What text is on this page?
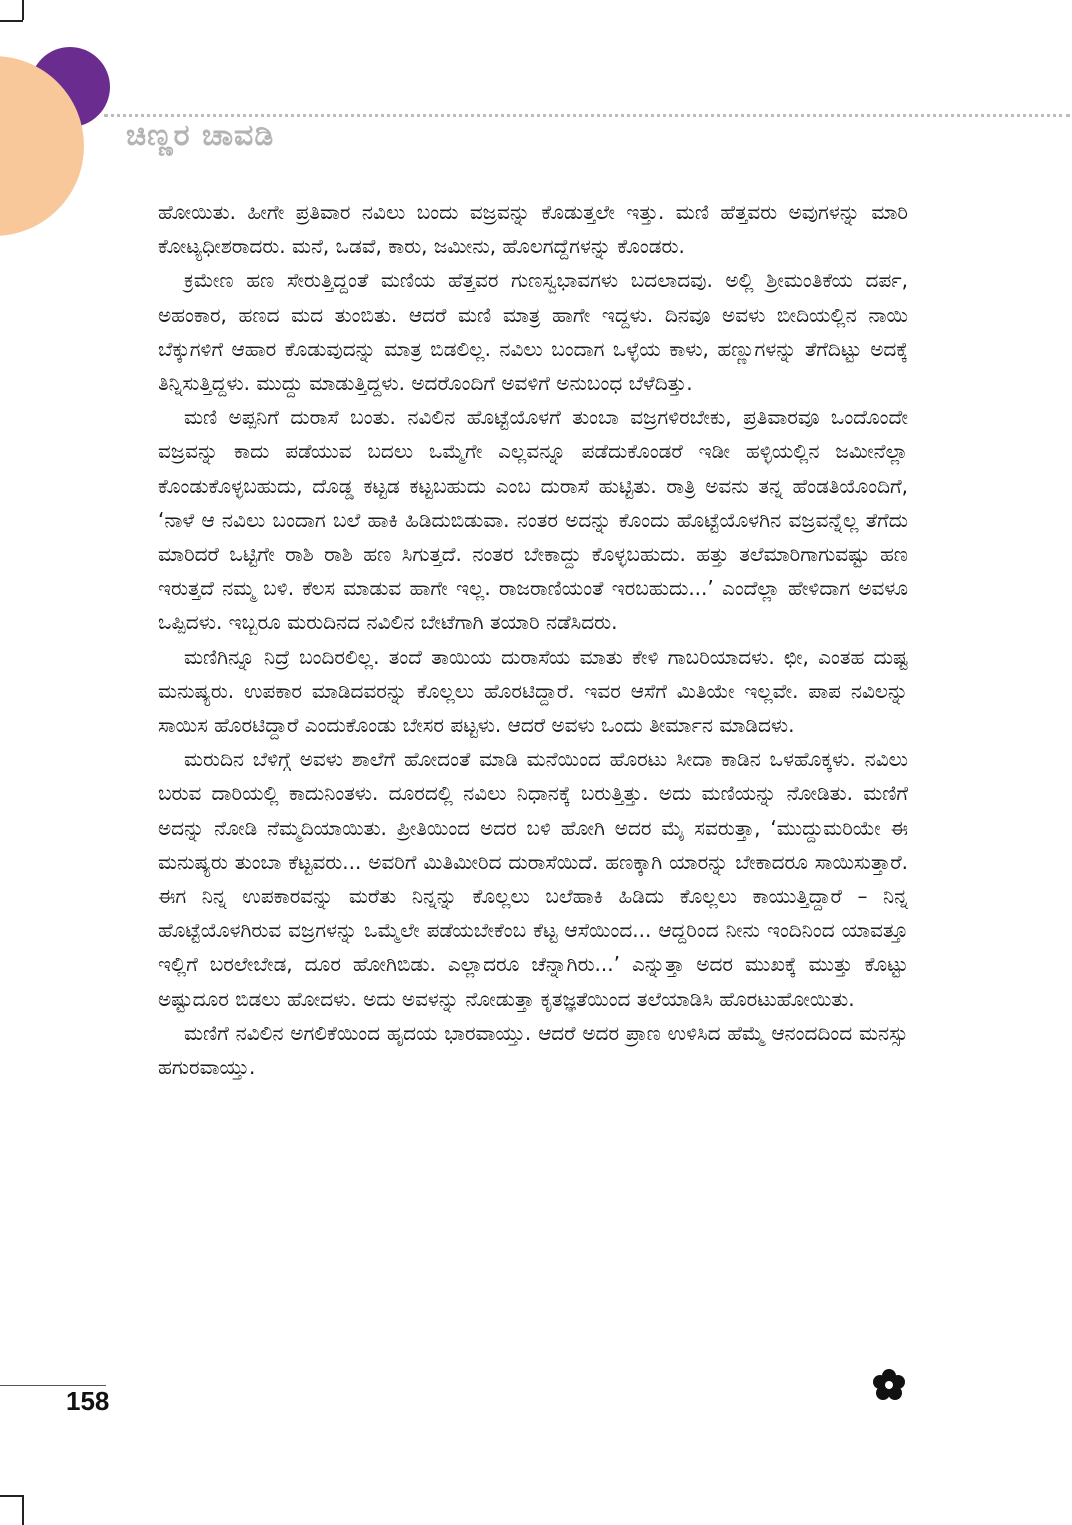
ಚಿಣ್ಣರ ಚಾವಡಿ

ಹೋಯಿತು. ಹೀಗೇ ಪ್ರತಿವಾರ ನವಿಲು ಬಂದು ವಜ್ರವನ್ನು ಕೊಡುತ್ತಲೇ ಇತ್ತು. ಮಣಿ ಹೆತ್ತವರು ಅವುಗಳನ್ನು ಮಾರಿ ಕೋಟ್ಯಧೀಶರಾದರು. ಮನೆ, ಒಡವೆ, ಕಾರು, ಜಮೀನು, ಹೊಲಗದ್ದೆಗಳನ್ನು ಕೊಂಡರು.

ಕ್ರಮೇಣ ಹಣ ಸೇರುತ್ತಿದ್ದಂತೆ ಮಣಿಯ ಹೆತ್ತವರ ಗುಣಸ್ವಭಾವಗಳು ಬದಲಾದವು. ಅಲ್ಲಿ ಶ್ರೀಮಂತಿಕೆಯ ದರ್ಪ, ಅಹಂಕಾರ, ಹಣದ ಮದ ತುಂಬಿತು. ಆದರೆ ಮಣಿ ಮಾತ್ರ ಹಾಗೇ ಇದ್ದಳು. ದಿನವೂ ಅವಳು ಬೀದಿಯಲ್ಲಿನ ನಾಯಿ ಬೆಕ್ಕುಗಳಿಗೆ ಆಹಾರ ಕೊಡುವುದನ್ನು ಮಾತ್ರ ಬಿಡಲಿಲ್ಲ. ನವಿಲು ಬಂದಾಗ ಒಳ್ಳೆಯ ಕಾಳು, ಹಣ್ಣುಗಳನ್ನು ತೆಗೆದಿಟ್ಟು ಅದಕ್ಕೆ ತಿನ್ನಿಸುತ್ತಿದ್ದಳು. ಮುದ್ದು ಮಾಡುತ್ತಿದ್ದಳು. ಅದರೊಂದಿಗೆ ಅವಳಿಗೆ ಅನುಬಂಧ ಬೆಳೆದಿತ್ತು.

ಮಣಿ ಅಪ್ಪನಿಗೆ ದುರಾಸೆ ಬಂತು. ನವಿಲಿನ ಹೊಟ್ಟೆಯೊಳಗೆ ತುಂಬಾ ವಜ್ರಗಳಿರಬೇಕು, ಪ್ರತಿವಾರವೂ ಒಂದೊಂದೇ ವಜ್ರವನ್ನು ಕಾದು ಪಡೆಯುವ ಬದಲು ಒಮ್ಮೆಗೇ ಎಲ್ಲವನ್ನೂ ಪಡೆದುಕೊಂಡರೆ ಇಡೀ ಹಳ್ಳಿಯಲ್ಲಿನ ಜಮೀನೆಲ್ಲಾ ಕೊಂಡುಕೊಳ್ಳಬಹುದು, ದೊಡ್ಡ ಕಟ್ಟಡ ಕಟ್ಟಬಹುದು ಎಂಬ ದುರಾಸೆ ಹುಟ್ಟಿತು. ರಾತ್ರಿ ಅವನು ತನ್ನ ಹೆಂಡತಿಯೊಂದಿಗೆ, ‘ನಾಳೆ ಆ ನವಿಲು ಬಂದಾಗ ಬಲೆ ಹಾಕಿ ಹಿಡಿದುಬಿಡುವಾ. ನಂತರ ಅದನ್ನು ಕೊಂದು ಹೊಟ್ಟೆಯೊಳಗಿನ ವಜ್ರವನ್ನೆಲ್ಲ ತೆಗೆದು ಮಾರಿದರೆ ಒಟ್ಟಿಗೇ ರಾಶಿ ರಾಶಿ ಹಣ ಸಿಗುತ್ತದೆ. ನಂತರ ಬೇಕಾದ್ದು ಕೊಳ್ಳಬಹುದು. ಹತ್ತು ತಲೆಮಾರಿಗಾಗುವಷ್ಟು ಹಣ ಇರುತ್ತದೆ ನಮ್ಮ ಬಳಿ. ಕೆಲಸ ಮಾಡುವ ಹಾಗೇ ಇಲ್ಲ. ರಾಜರಾಣಿಯಂತೆ ಇರಬಹುದು...’ ಎಂದೆಲ್ಲಾ ಹೇಳಿದಾಗ ಅವಳೂ ಒಪ್ಪಿದಳು. ಇಬ್ಬರೂ ಮರುದಿನದ ನವಿಲಿನ ಬೇಟೆಗಾಗಿ ತಯಾರಿ ನಡೆಸಿದರು.

ಮಣಿಗಿನ್ನೂ ನಿದ್ರೆ ಬಂದಿರಲಿಲ್ಲ. ತಂದೆ ತಾಯಿಯ ದುರಾಸೆಯ ಮಾತು ಕೇಳಿ ಗಾಬರಿಯಾದಳು. ಛೀ, ಎಂತಹ ದುಷ್ಟ ಮನುಷ್ಯರು. ಉಪಕಾರ ಮಾಡಿದವರನ್ನು ಕೊಲ್ಲಲು ಹೊರಟಿದ್ದಾರೆ. ಇವರ ಆಸೆಗೆ ಮಿತಿಯೇ ಇಲ್ಲವೇ. ಪಾಪ ನವಿಲನ್ನು ಸಾಯಿಸ ಹೊರಟಿದ್ದಾರೆ ಎಂದುಕೊಂಡು ಬೇಸರ ಪಟ್ಟಳು. ಆದರೆ ಅವಳು ಒಂದು ತೀರ್ಮಾನ ಮಾಡಿದಳು.

ಮರುದಿನ ಬೆಳಿಗ್ಗೆ ಅವಳು ಶಾಲೆಗೆ ಹೋದಂತೆ ಮಾಡಿ ಮನೆಯಿಂದ ಹೊರಟು ಸೀದಾ ಕಾಡಿನ ಒಳಹೊಕ್ಕಳು. ನವಿಲು ಬರುವ ದಾರಿಯಲ್ಲಿ ಕಾದುನಿಂತಳು. ದೂರದಲ್ಲಿ ನವಿಲು ನಿಧಾನಕ್ಕೆ ಬರುತ್ತಿತ್ತು. ಅದು ಮಣಿಯನ್ನು ನೋಡಿತು. ಮಣಿಗೆ ಅದನ್ನು ನೋಡಿ ನೆಮ್ಮದಿಯಾಯಿತು. ಪ್ರೀತಿಯಿಂದ ಅದರ ಬಳಿ ಹೋಗಿ ಅದರ ಮೈ ಸವರುತ್ತಾ, ‘ಮುದ್ದುಮರಿಯೇ ಈ ಮನುಷ್ಯರು ತುಂಬಾ ಕೆಟ್ಟವರು... ಅವರಿಗೆ ಮಿತಿಮೀರಿದ ದುರಾಸೆಯಿದೆ. ಹಣಕ್ಕಾಗಿ ಯಾರನ್ನು ಬೇಕಾದರೂ ಸಾಯಿಸುತ್ತಾರೆ. ಈಗ ನಿನ್ನ ಉಪಕಾರವನ್ನು ಮರೆತು ನಿನ್ನನ್ನು ಕೊಲ್ಲಲು ಬಲೆಹಾಕಿ ಹಿಡಿದು ಕೊಲ್ಲಲು ಕಾಯುತ್ತಿದ್ದಾರೆ – ನಿನ್ನ ಹೊಟ್ಟೆಯೊಳಗಿರುವ ವಜ್ರಗಳನ್ನು ಒಮ್ಮೆಲೇ ಪಡೆಯಬೇಕೆಂಬ ಕೆಟ್ಟ ಆಸೆಯಿಂದ... ಆದ್ದರಿಂದ ನೀನು ಇಂದಿನಿಂದ ಯಾವತ್ತೂ ಇಲ್ಲಿಗೆ ಬರಲೇಬೇಡ, ದೂರ ಹೋಗಿಬಿಡು. ಎಲ್ಲಾದರೂ ಚೆನ್ನಾಗಿರು...’ ಎನ್ನುತ್ತಾ ಅದರ ಮುಖಕ್ಕೆ ಮುತ್ತು ಕೊಟ್ಟು ಅಷ್ಟುದೂರ ಬಿಡಲು ಹೋದಳು. ಅದು ಅವಳನ್ನು ನೋಡುತ್ತಾ ಕೃತಜ್ಞತೆಯಿಂದ ತಲೆಯಾಡಿಸಿ ಹೊರಟುಹೋಯಿತು.

ಮಣಿಗೆ ನವಿಲಿನ ಅಗಲಿಕೆಯಿಂದ ಹೃದಯ ಭಾರವಾಯ್ತು. ಆದರೆ ಅದರ ಪ್ರಾಣ ಉಳಿಸಿದ ಹೆಮ್ಮೆ ಆನಂದದಿಂದ ಮನಸ್ಸು ಹಗುರವಾಯ್ತು.

158
